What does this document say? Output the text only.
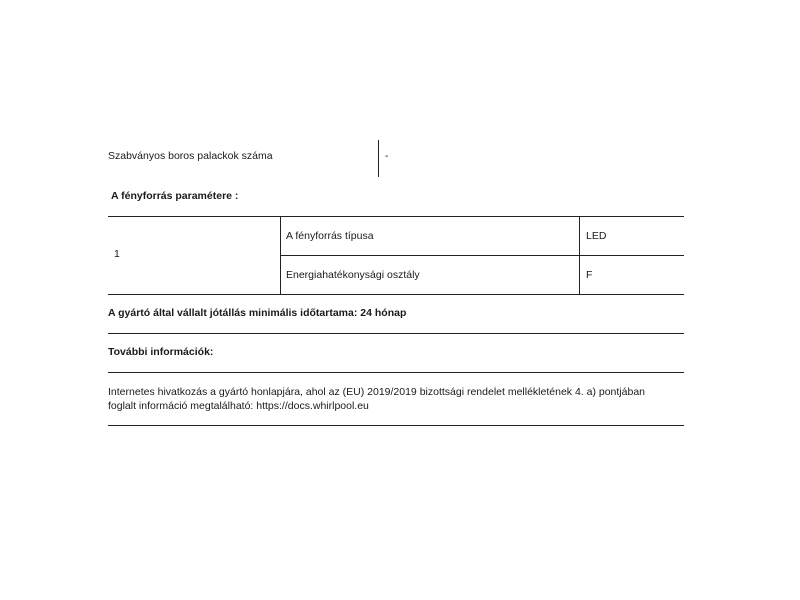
Szabványos boros palackok száma	-
A fényforrás paramétere :
1
A fényforrás típusa	LED
Energiahatékonysági osztály	F
A gyártó által vállalt jótállás minimális időtartama: 24 hónap
További információk:
Internetes hivatkozás a gyártó honlapjára, ahol az (EU) 2019/2019 bizottsági rendelet mellékletének 4. a) pontjában
foglalt információ megtalálható: https://docs.whirlpool.eu
